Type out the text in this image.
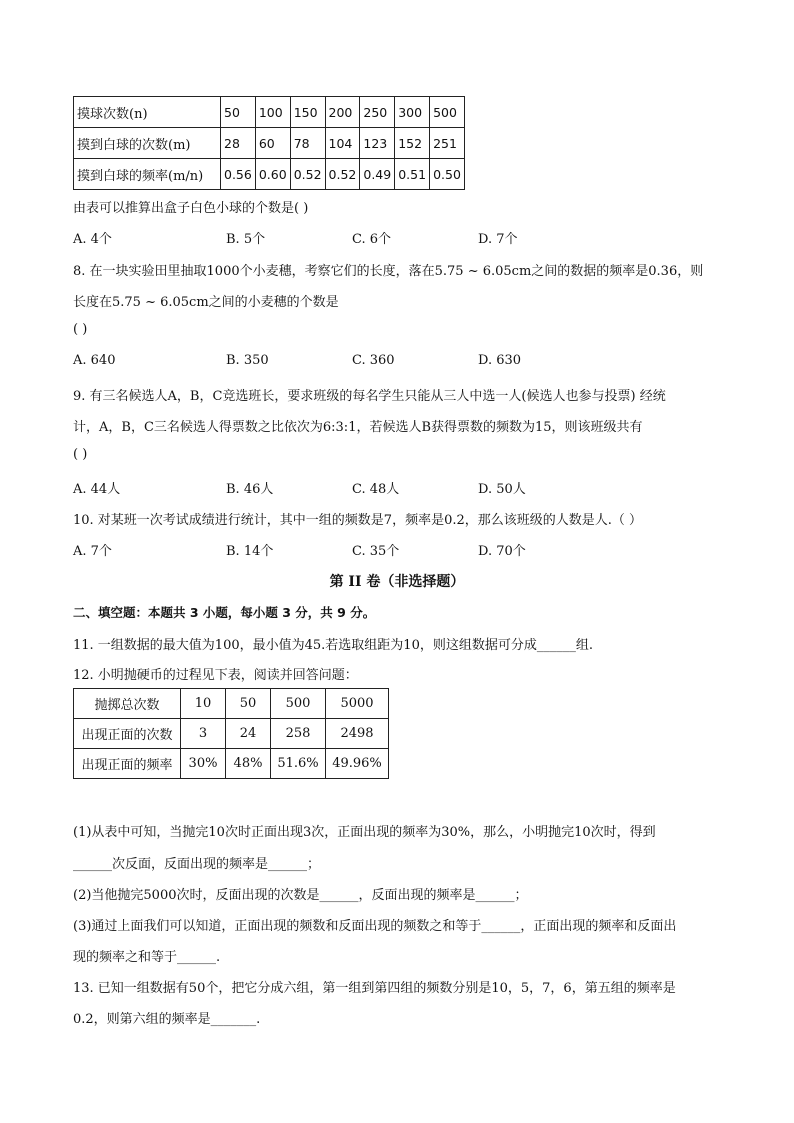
摸球次数(n)	50	100	150	200	250	300	500
摸到白球的次数(m)	28	60	78	104	123	152	251
摸到白球的频率(m/n)	0.56	0.60	0.52	0.52	0.49	0.51	0.50
由表可以推算出盒子白色小球的个数是( )
A. 4个	B. 5个	C. 6个	D. 7个
8. 在一块实验田里抽取1000个小麦穗，考察它们的长度，落在5.75 ~ 6.05cm之间的数据的频率是0.36，则
长度在5.75 ~ 6.05cm之间的小麦穗的个数是
( )
A. 640	B. 350	C. 360	D. 630
9. 有三名候选人A，B，C竞选班长，要求班级的每名学生只能从三人中选一人(候选人也参与投票) 经统
计，A，B，C三名候选人得票数之比依次为6:3:1，若候选人B获得票数的频数为15，则该班级共有
( )
A. 44人	B. 46人	C. 48人	D. 50人
10. 对某班一次考试成绩进行统计，其中一组的频数是7，频率是0.2，那么该班级的人数是人.（ ）
A. 7个	B. 14个	C. 35个	D. 70个
第 II 卷（非选择题）
二、填空题：本题共 3 小题，每小题 3 分，共 9 分。
11. 一组数据的最大值为100，最小值为45.若选取组距为10，则这组数据可分成______组.
12. 小明抛硬币的过程见下表，阅读并回答问题：
抛掷总次数	10	50	500	5000
出现正面的次数	3	24	258	2498
出现正面的频率	30%	48%	51.6%	49.96%
(1)从表中可知，当抛完10次时正面出现3次，正面出现的频率为30%，那么，小明抛完10次时，得到
______次反面，反面出现的频率是______；
(2)当他抛完5000次时，反面出现的次数是______，反面出现的频率是______；
(3)通过上面我们可以知道，正面出现的频数和反面出现的频数之和等于______，正面出现的频率和反面出
现的频率之和等于______.
13. 已知一组数据有50个，把它分成六组，第一组到第四组的频数分别是10，5，7，6，第五组的频率是
0.2，则第六组的频率是_______.
